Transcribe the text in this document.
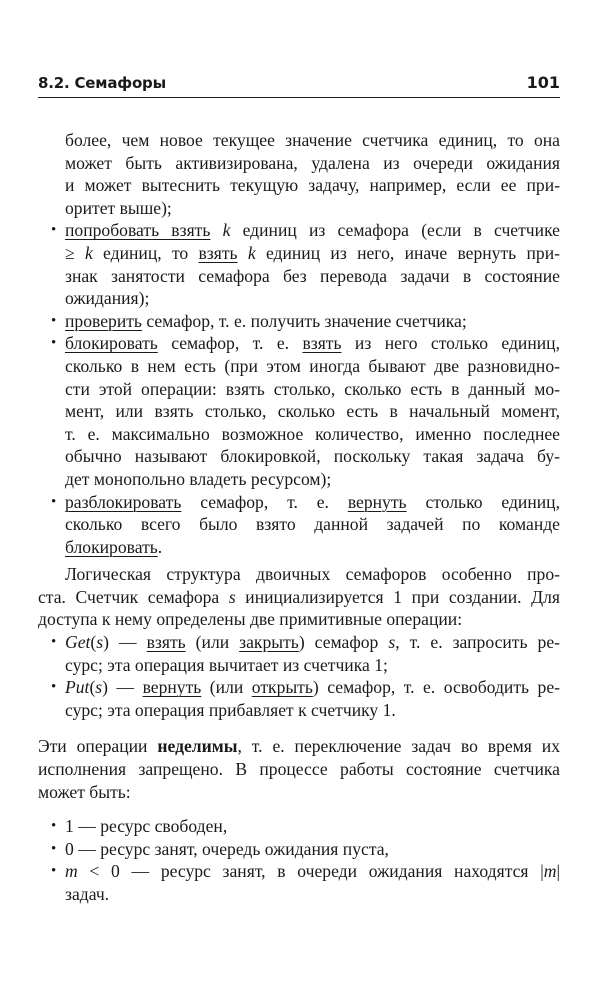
8.2. Семафоры	101
более, чем новое текущее значение счетчика единиц, то она
может быть активизирована, удалена из очереди ожидания
и может вытеснить текущую задачу, например, если ее при-
оритет выше);
• попробовать взять k единиц из семафора (если в счетчике
≥ k единиц, то взять k единиц из него, иначе вернуть при-
знак занятости семафора без перевода задачи в состояние
ожидания);
• проверить семафор, т. е. получить значение счетчика;
• блокировать семафор, т. е. взять из него столько единиц,
сколько в нем есть (при этом иногда бывают две разновидно-
сти этой операции: взять столько, сколько есть в данный мо-
мент, или взять столько, сколько есть в начальный момент,
т. е. максимально возможное количество, именно последнее
обычно называют блокировкой, поскольку такая задача бу-
дет монопольно владеть ресурсом);
• разблокировать семафор, т. е. вернуть столько единиц,
сколько всего было взято данной задачей по команде
блокировать.
Логическая структура двоичных семафоров особенно про-
ста. Счетчик семафора s инициализируется 1 при создании. Для
доступа к нему определены две примитивные операции:
• Get(s) — взять (или закрыть) семафор s, т. е. запросить ре-
сурс; эта операция вычитает из счетчика 1;
• Put(s) — вернуть (или открыть) семафор, т. е. освободить ре-
сурс; эта операция прибавляет к счетчику 1.
Эти операции неделимы, т. е. переключение задач во время их
исполнения запрещено. В процессе работы состояние счетчика
может быть:
• 1 — ресурс свободен,
• 0 — ресурс занят, очередь ожидания пуста,
• m < 0 — ресурс занят, в очереди ожидания находятся |m|
задач.
